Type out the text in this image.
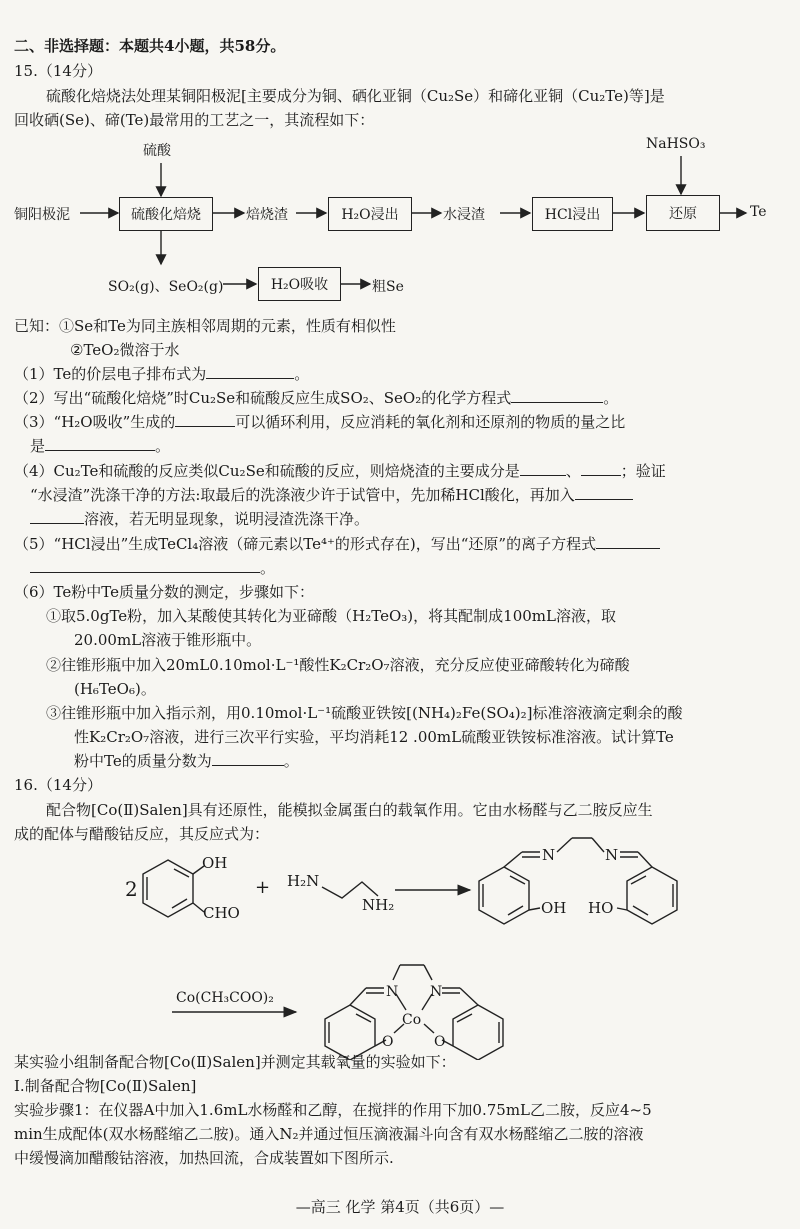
二、非选择题：本题共4小题，共58分。
15.（14分）
硫酸化焙烧法处理某铜阳极泥[主要成分为铜、硒化亚铜（Cu₂Se）和碲化亚铜（Cu₂Te)等]是
回收硒(Se)、碲(Te)最常用的工艺之一，其流程如下：
铜阳极泥
硫酸
硫酸化焙烧	焙烧渣	H₂O浸出	水浸渣	HCl浸出
NaHSO₃
还原	Te
SO₂(g)、SeO₂(g)	H₂O吸收	粗Se
已知：①Se和Te为同主族相邻周期的元素，性质有相似性
②TeO₂微溶于水
（1）Te的价层电子排布式为	。
（2）写出“硫酸化焙烧”时Cu₂Se和硫酸反应生成SO₂、SeO₂的化学方程式	。
（3）“H₂O吸收”生成的	可以循环利用，反应消耗的氧化剂和还原剂的物质的量之比
是	。
（4）Cu₂Te和硫酸的反应类似Cu₂Se和硫酸的反应，则焙烧渣的主要成分是	、	；验证
“水浸渣”洗涤干净的方法:取最后的洗涤液少许于试管中，先加稀HCl酸化，再加入
溶液，若无明显现象，说明浸渣洗涤干净。
（5）“HCl浸出”生成TeCl₄溶液（碲元素以Te⁴⁺的形式存在)，写出“还原”的离子方程式
。
（6）Te粉中Te质量分数的测定，步骤如下：
①取5.0gTe粉，加入某酸使其转化为亚碲酸（H₂TeO₃)，将其配制成100mL溶液，取
20.00mL溶液于锥形瓶中。
②往锥形瓶中加入20mL0.10mol·L⁻¹酸性K₂Cr₂O₇溶液，充分反应使亚碲酸转化为碲酸
(H₆TeO₆)。
③往锥形瓶中加入指示剂，用0.10mol·L⁻¹硫酸亚铁铵[(NH₄)₂Fe(SO₄)₂]标准溶液滴定剩余的酸
性K₂Cr₂O₇溶液，进行三次平行实验，平均消耗12 .00mL硫酸亚铁铵标准溶液。试计算Te
粉中Te的质量分数为	。
16.（14分）
配合物[Co(Ⅱ)Salen]具有还原性，能模拟金属蛋白的载氧作用。它由水杨醛与乙二胺反应生
成的配体与醋酸钴反应，其反应式为：
2
OH
CHO
+ H₂N
NH₂
N	N
OH HO
Co(CH₃COO)₂	N N
Co
O	O
某实验小组制备配合物[Co(Ⅱ)Salen]并测定其载氧量的实验如下：
Ⅰ.制备配合物[Co(Ⅱ)Salen]
实验步骤1：在仪器A中加入1.6mL水杨醛和乙醇，在搅拌的作用下加0.75mL乙二胺，反应4~5
min生成配体(双水杨醛缩乙二胺)。通入N₂并通过恒压滴液漏斗向含有双水杨醛缩乙二胺的溶液
中缓慢滴加醋酸钴溶液，加热回流，合成装置如下图所示.
—高三 化学 第4页（共6页）—
